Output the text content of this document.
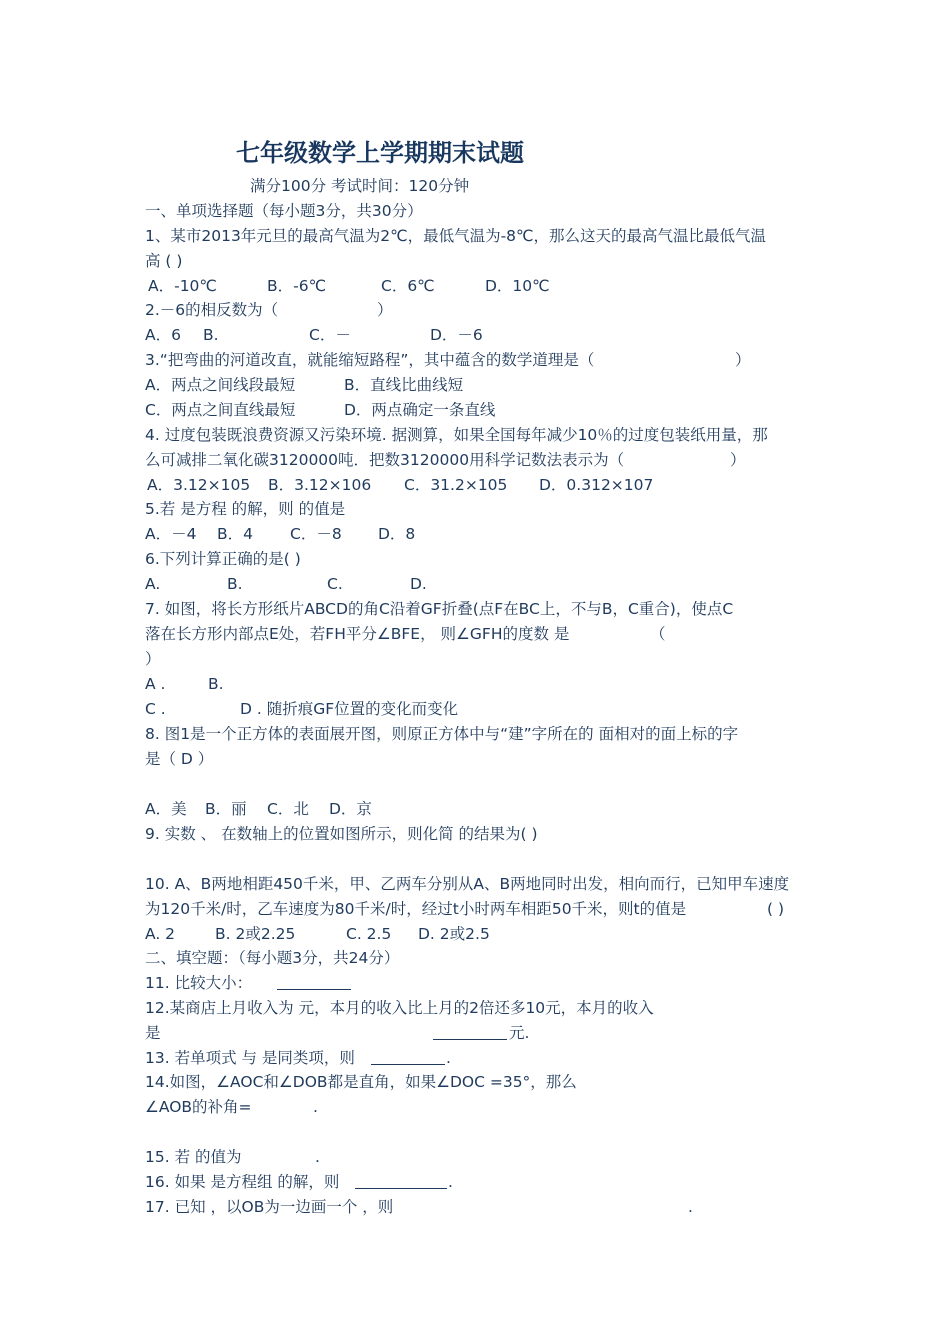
七年级数学上学期期末试题
满分100分 考试时间：120分钟
一、单项选择题（每小题3分，共30分）
1、某市2013年元旦的最高气温为2℃，最低气温为-8℃，那么这天的最高气温比最低气温
高 ( )
A．-10℃	B．-6℃	C．6℃	D．10℃
2.－6的相反数为（	）
A．6 B.	C．－	D．－6
3.“把弯曲的河道改直，就能缩短路程”，其中蕴含的数学道理是（	）
A．两点之间线段最短	B．直线比曲线短
C．两点之间直线最短	D．两点确定一条直线
4. 过度包装既浪费资源又污染环境. 据测算，如果全国每年减少10％的过度包装纸用量，那
么可减排二氧化碳3120000吨．把数3120000用科学记数法表示为（	）
A．3.12×105 B．3.12×106 C．31.2×105 D．0.312×107
5.若 是方程 的解，则 的值是
A．－4 B．4 C．－8 D．8
6.下列计算正确的是( )
A.	B.	C.	D.
7. 如图，将长方形纸片ABCD的角C沿着GF折叠(点F在BC上，不与B，C重合)，使点C
落在长方形内部点E处，若FH平分∠BFE， 则∠GFH的度数 是	（
）
A .	B.
C .	D . 随折痕GF位置的变化而变化
8. 图1是一个正方体的表面展开图，则原正方体中与“建”字所在的 面相对的面上标的字
是（ D ）
A．美 B．丽 C．北 D．京
9. 实数 、 在数轴上的位置如图所示，则化简 的结果为( )
10. A、B两地相距450千米，甲、乙两车分别从A、B两地同时出发，相向而行，已知甲车速度
为120千米/时，乙车速度为80千米/时，经过t小时两车相距50千米，则t的值是	( )
A. 2	B. 2或2.25	C. 2.5 D. 2或2.5
二、填空题：（每小题3分，共24分）
11. 比较大小：
12.某商店上月收入为 元，本月的收入比上月的2倍还多10元，本月的收入
是	元.
13. 若单项式 与 是同类项，则	.
14.如图，∠AOC和∠DOB都是直角，如果∠DOC =35°，那么
∠AOB的补角=	.
15. 若 的值为	.
16. 如果 是方程组 的解，则	.
17. 已知 ，以OB为一边画一个 ，则	.
